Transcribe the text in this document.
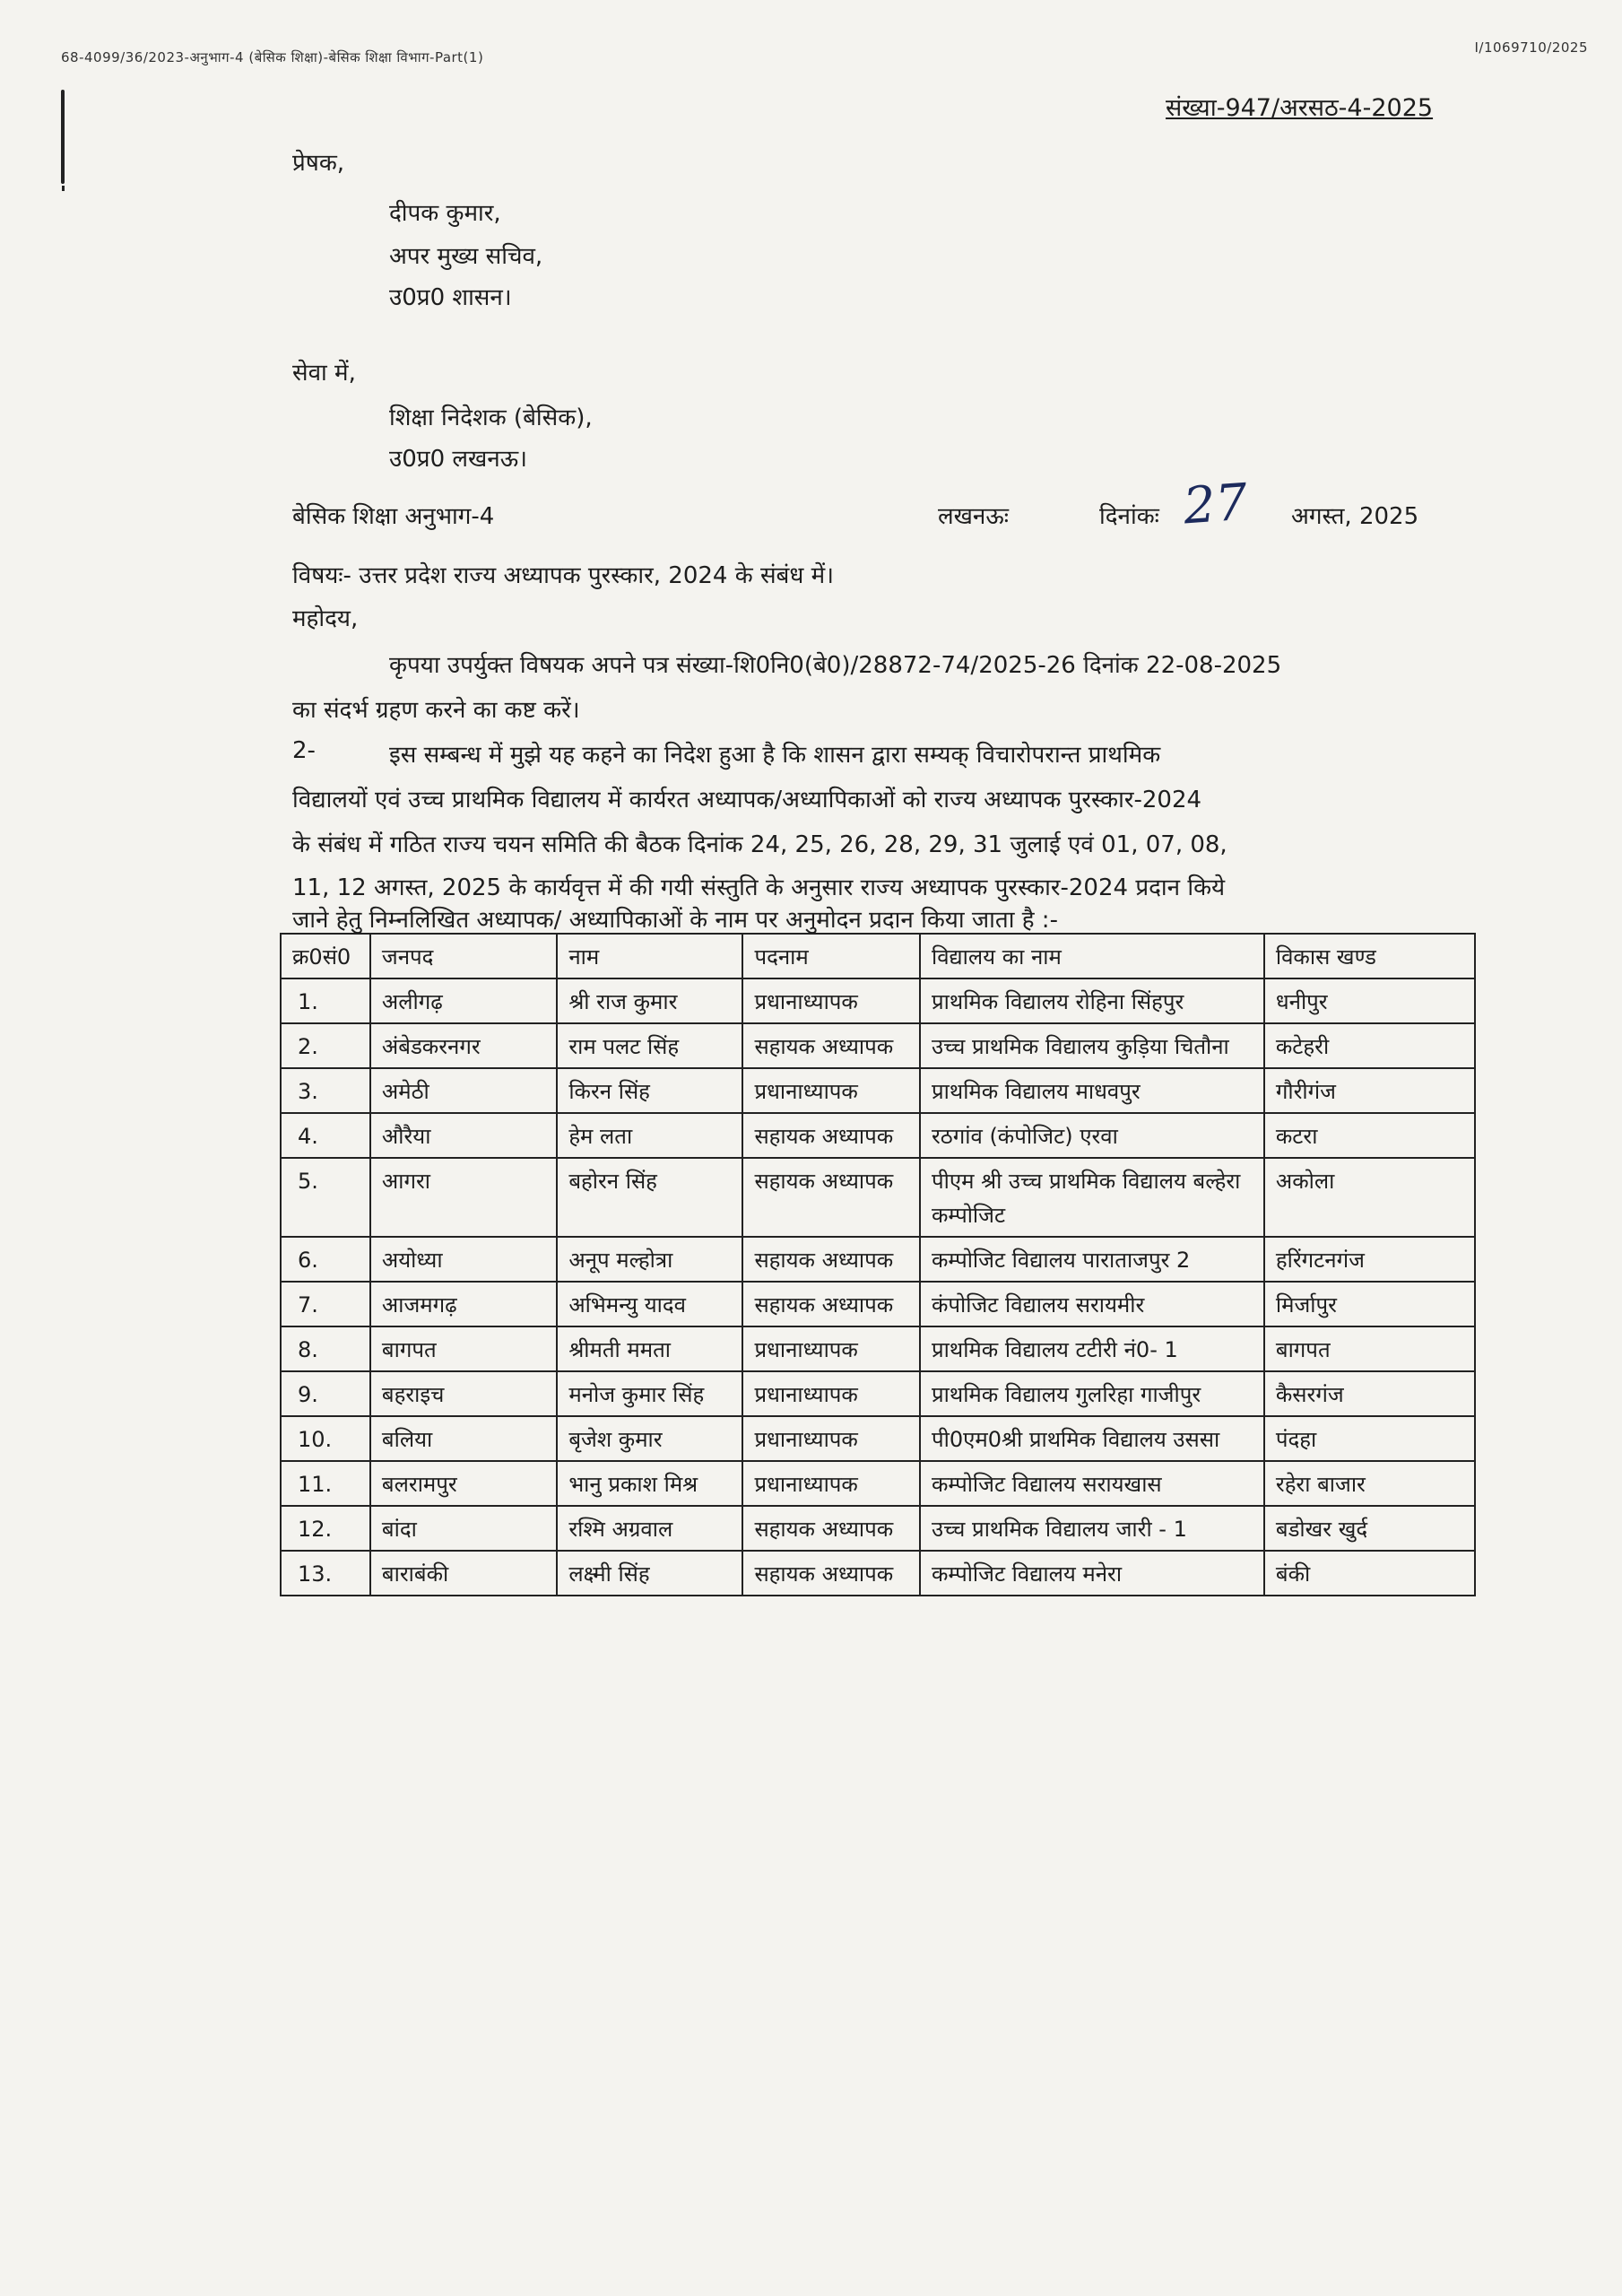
68-4099/36/2023-अनुभाग-4 (बेसिक शिक्षा)-बेसिक शिक्षा विभाग-Part(1)
I/1069710/2025
संख्या-947/अरसठ-4-2025
प्रेषक,
दीपक कुमार,
अपर मुख्य सचिव,
उ0प्र0 शासन।
सेवा में,
शिक्षा निदेशक (बेसिक),
उ0प्र0 लखनऊ।
बेसिक शिक्षा अनुभाग-4	लखनऊः	दिनांकः 27 अगस्त, 2025
विषयः- उत्तर प्रदेश राज्य अध्यापक पुरस्कार, 2024 के संबंध में।
महोदय,
कृपया उपर्युक्त विषयक अपने पत्र संख्या-शि0नि0(बे0)/28872-74/2025-26 दिनांक 22-08-2025
का संदर्भ ग्रहण करने का कष्ट करें।
2-	इस सम्बन्ध में मुझे यह कहने का निदेश हुआ है कि शासन द्वारा सम्यक् विचारोपरान्त प्राथमिक
विद्यालयों एवं उच्च प्राथमिक विद्यालय में कार्यरत अध्यापक/अध्यापिकाओं को राज्य अध्यापक पुरस्कार-2024
के संबंध में गठित राज्य चयन समिति की बैठक दिनांक 24, 25, 26, 28, 29, 31 जुलाई एवं 01, 07, 08,
11, 12 अगस्त, 2025 के कार्यवृत्त में की गयी संस्तुति के अनुसार राज्य अध्यापक पुरस्कार-2024 प्रदान किये
जाने हेतु निम्नलिखित अध्यापक/ अध्यापिकाओं के नाम पर अनुमोदन प्रदान किया जाता है :-
क्र0सं0	जनपद	नाम	पदनाम	विद्यालय का नाम	विकास खण्ड
1.	अलीगढ़	श्री राज कुमार	प्रधानाध्यापक	प्राथमिक विद्यालय रोहिना सिंहपुर	धनीपुर
2.	अंबेडकरनगर	राम पलट सिंह	सहायक अध्यापक	उच्च प्राथमिक विद्यालय कुड़िया चितौना	कटेहरी
3.	अमेठी	किरन सिंह	प्रधानाध्यापक	प्राथमिक विद्यालय माधवपुर	गौरीगंज
4.	औरैया	हेम लता	सहायक अध्यापक	रठगांव (कंपोजिट) एरवा	कटरा
5.	आगरा	बहोरन सिंह	सहायक अध्यापक	पीएम श्री उच्च प्राथमिक विद्यालय बल्हेरा कम्पोजिट	अकोला
6.	अयोध्या	अनूप मल्होत्रा	सहायक अध्यापक	कम्पोजिट विद्यालय पाराताजपुर 2	हरिंगटनगंज
7.	आजमगढ़	अभिमन्यु यादव	सहायक अध्यापक	कंपोजिट विद्यालय सरायमीर	मिर्जापुर
8.	बागपत	श्रीमती ममता	प्रधानाध्यापक	प्राथमिक विद्यालय टटीरी नं0- 1	बागपत
9.	बहराइच	मनोज कुमार सिंह	प्रधानाध्यापक	प्राथमिक विद्यालय गुलरिहा गाजीपुर	कैसरगंज
10.	बलिया	बृजेश कुमार	प्रधानाध्यापक	पी0एम0श्री प्राथमिक विद्यालय उससा	पंदहा
11.	बलरामपुर	भानु प्रकाश मिश्र	प्रधानाध्यापक	कम्पोजिट विद्यालय सरायखास	रहेरा बाजार
12.	बांदा	रश्मि अग्रवाल	सहायक अध्यापक	उच्च प्राथमिक विद्यालय जारी - 1	बडोखर खुर्द
13.	बाराबंकी	लक्ष्मी सिंह	सहायक अध्यापक	कम्पोजिट विद्यालय मनेरा	बंकी
